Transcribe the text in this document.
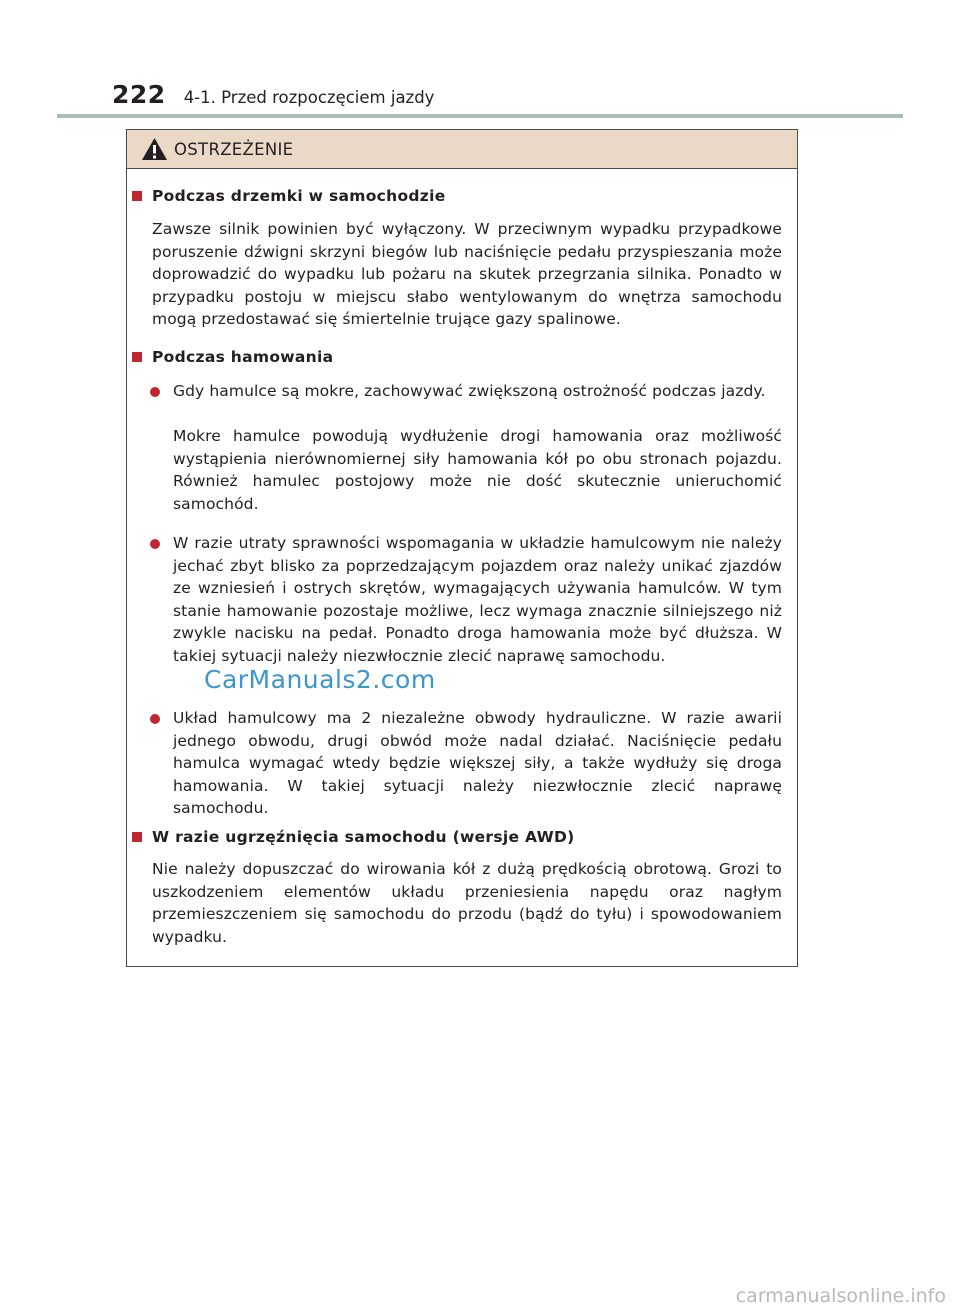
222 4-1. Przed rozpoczęciem jazdy
OSTRZEŻENIE
Podczas drzemki w samochodzie
Zawsze silnik powinien być wyłączony. W przeciwnym wypadku przypadkowe poruszenie dźwigni skrzyni biegów lub naciśnięcie pedału przyspieszania może doprowadzić do wypadku lub pożaru na skutek przegrzania silnika. Ponadto w przypadku postoju w miejscu słabo wentylowanym do wnętrza samochodu mogą przedostawać się śmiertelnie trujące gazy spalinowe.
Podczas hamowania
Gdy hamulce są mokre, zachowywać zwiększoną ostrożność podczas jazdy.
Mokre hamulce powodują wydłużenie drogi hamowania oraz możliwość wystąpienia nierównomiernej siły hamowania kół po obu stronach pojazdu. Również hamulec postojowy może nie dość skutecznie unieruchomić samochód.
W razie utraty sprawności wspomagania w układzie hamulcowym nie należy jechać zbyt blisko za poprzedzającym pojazdem oraz należy unikać zjazdów ze wzniesień i ostrych skrętów, wymagających używania hamulców. W tym stanie hamowanie pozostaje możliwe, lecz wymaga znacznie silniejszego niż zwykle nacisku na pedał. Ponadto droga hamowania może być dłuższa. W takiej sytuacji należy niezwłocznie zlecić naprawę samochodu.
Układ hamulcowy ma 2 niezależne obwody hydrauliczne. W razie awarii jednego obwodu, drugi obwód może nadal działać. Naciśnięcie pedału hamulca wymagać wtedy będzie większej siły, a także wydłuży się droga hamowania. W takiej sytuacji należy niezwłocznie zlecić naprawę samochodu.
W razie ugrzęźnięcia samochodu (wersje AWD)
Nie należy dopuszczać do wirowania kół z dużą prędkością obrotową. Grozi to uszkodzeniem elementów układu przeniesienia napędu oraz nagłym przemieszczeniem się samochodu do przodu (bądź do tyłu) i spowodowaniem wypadku.
CarManuals2.com
carmanualsonline.info
